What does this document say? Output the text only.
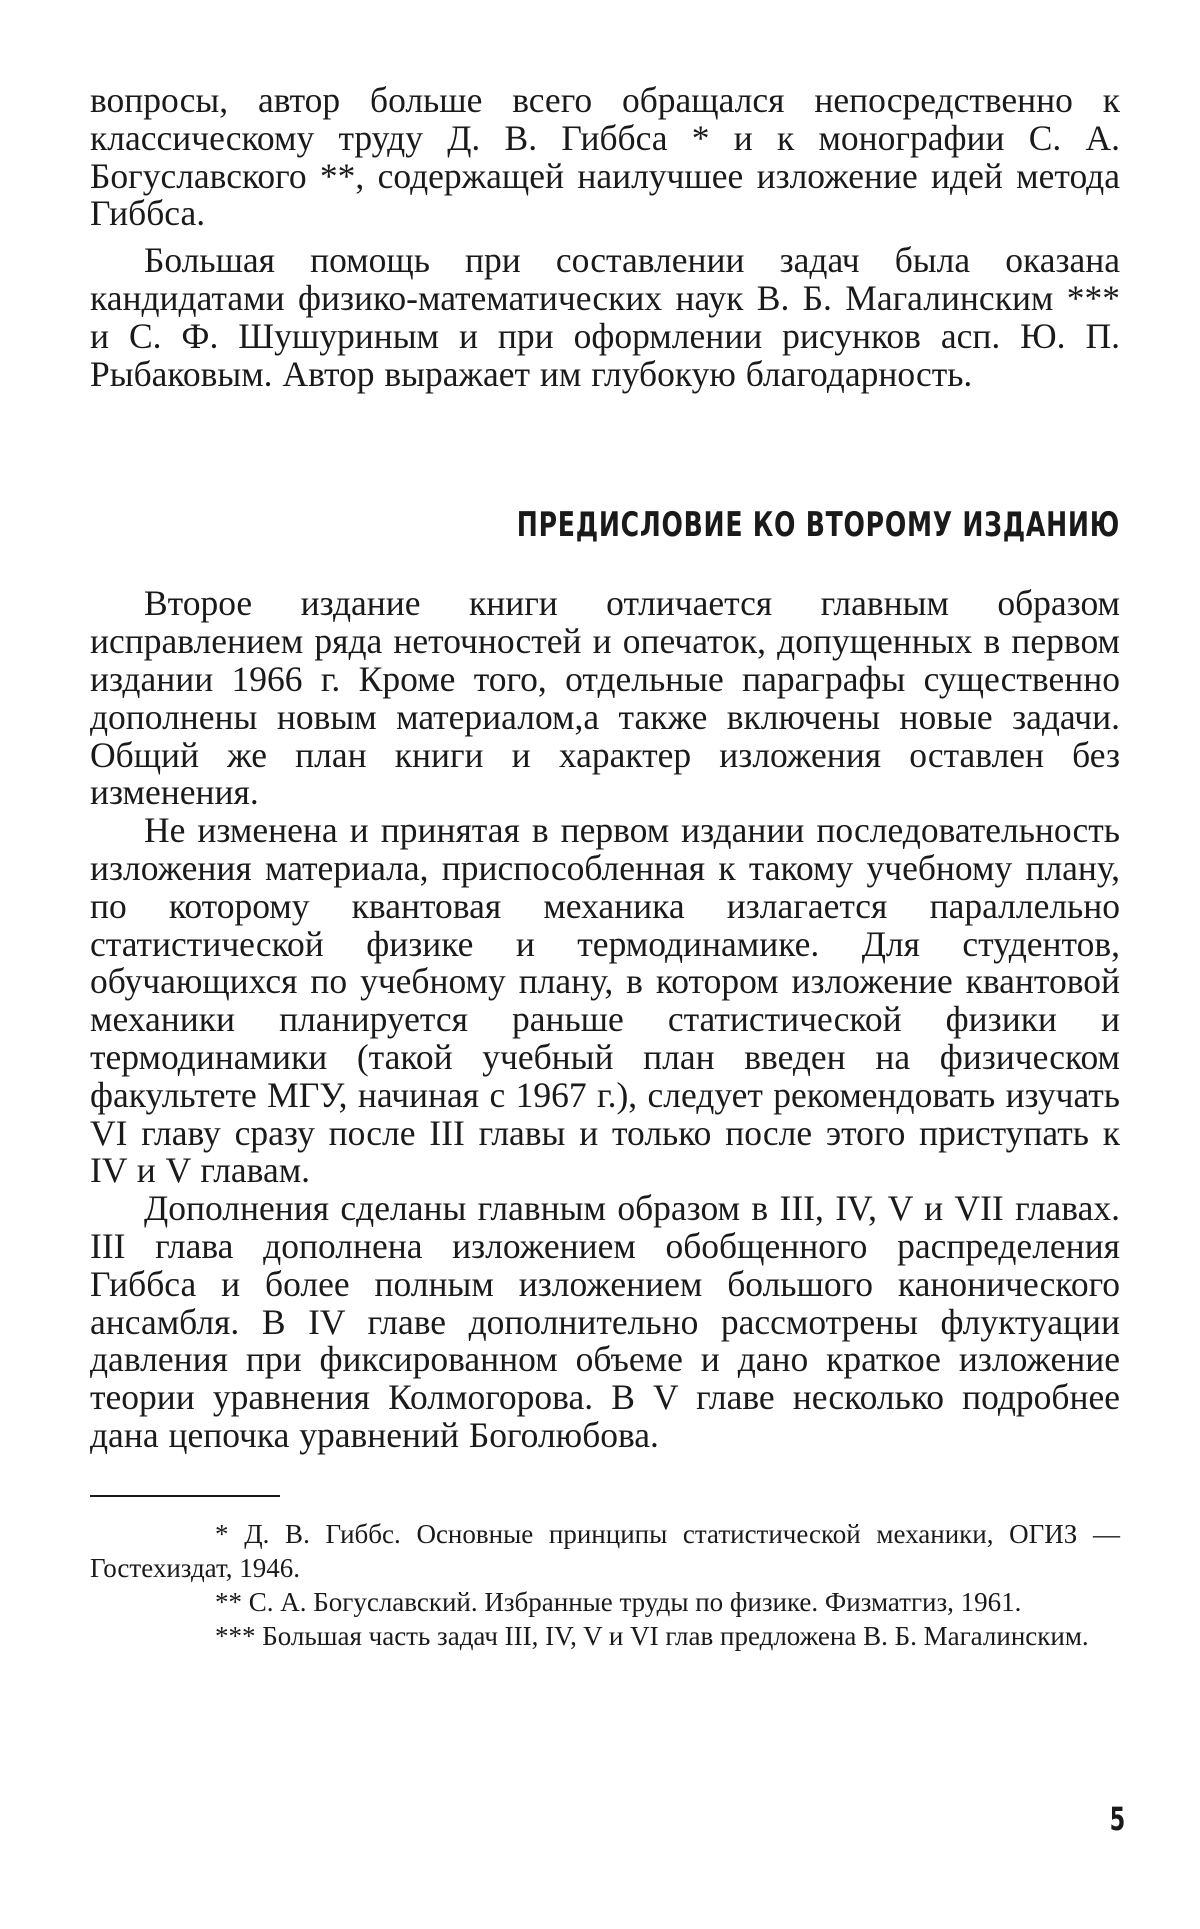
вопросы, автор больше всего обращался непосредственно к классическому труду Д. В. Гиббса * и к монографии С. А. Богуславского **, содержащей наилучшее изложение идей метода Гиббса.

Большая помощь при составлении задач была оказана кандидатами физико-математических наук В. Б. Магалинским *** и С. Ф. Шушуриным и при оформлении рисунков асп. Ю. П. Рыбаковым. Автор выражает им глубокую благодарность.

ПРЕДИСЛОВИЕ КО ВТОРОМУ ИЗДАНИЮ

Второе издание книги отличается главным образом исправлением ряда неточностей и опечаток, допущенных в первом издании 1966 г. Кроме того, отдельные параграфы существенно дополнены новым материалом,а также включены новые задачи. Общий же план книги и характер изложения оставлен без изменения.

Не изменена и принятая в первом издании последовательность изложения материала, приспособленная к такому учебному плану, по которому квантовая механика излагается параллельно статистической физике и термодинамике. Для студентов, обучающихся по учебному плану, в котором изложение квантовой механики планируется раньше статистической физики и термодинамики (такой учебный план введен на физическом факультете МГУ, начиная с 1967 г.), следует рекомендовать изучать VI главу сразу после III главы и только после этого приступать к IV и V главам.

Дополнения сделаны главным образом в III, IV, V и VII главах. III глава дополнена изложением обобщенного распределения Гиббса и более полным изложением большого канонического ансамбля. В IV главе дополнительно рассмотрены флуктуации давления при фиксированном объеме и дано краткое изложение теории уравнения Колмогорова. В V главе несколько подробнее дана цепочка уравнений Боголюбова.

* Д. В. Гиббс. Основные принципы статистической механики, ОГИЗ — Гостехиздат, 1946.

** С. А. Богуславский. Избранные труды по физике. Физматгиз, 1961.

*** Большая часть задач III, IV, V и VI глав предложена В. Б. Магалинским.

5
